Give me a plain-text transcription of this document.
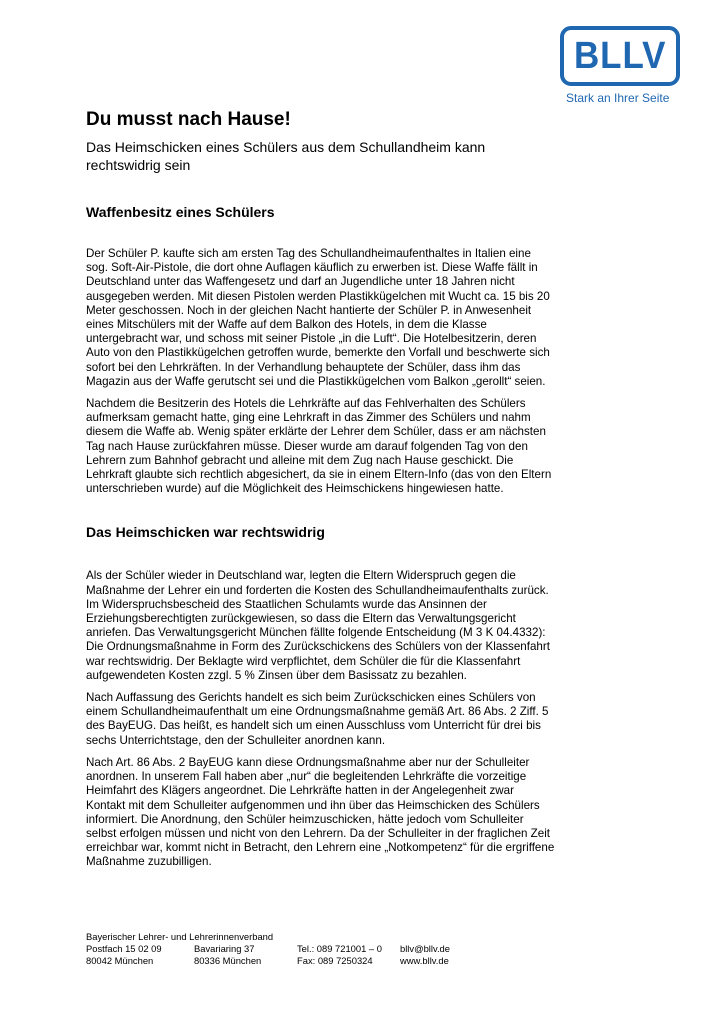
BLLV
Stark an Ihrer Seite
Du musst nach Hause!

Das Heimschicken eines Schülers aus dem Schullandheim kann rechtswidrig sein

Waffenbesitz eines Schülers

Der Schüler P. kaufte sich am ersten Tag des Schullandheimaufenthaltes in Italien eine sog. Soft-Air-Pistole, die dort ohne Auflagen käuflich zu erwerben ist. Diese Waffe fällt in Deutschland unter das Waffengesetz und darf an Jugendliche unter 18 Jahren nicht ausgegeben werden. Mit diesen Pistolen werden Plastikkügelchen mit Wucht ca. 15 bis 20 Meter geschossen. Noch in der gleichen Nacht hantierte der Schüler P. in Anwesenheit eines Mitschülers mit der Waffe auf dem Balkon des Hotels, in dem die Klasse untergebracht war, und schoss mit seiner Pistole „in die Luft“. Die Hotelbesitzerin, deren Auto von den Plastikkügelchen getroffen wurde, bemerkte den Vorfall und beschwerte sich sofort bei den Lehrkräften. In der Verhandlung behauptete der Schüler, dass ihm das Magazin aus der Waffe gerutscht sei und die Plastikkügelchen vom Balkon „gerollt“ seien.

Nachdem die Besitzerin des Hotels die Lehrkräfte auf das Fehlverhalten des Schülers aufmerksam gemacht hatte, ging eine Lehrkraft in das Zimmer des Schülers und nahm diesem die Waffe ab. Wenig später erklärte der Lehrer dem Schüler, dass er am nächsten Tag nach Hause zurückfahren müsse. Dieser wurde am darauf folgenden Tag von den Lehrern zum Bahnhof gebracht und alleine mit dem Zug nach Hause geschickt. Die Lehrkraft glaubte sich rechtlich abgesichert, da sie in einem Eltern-Info (das von den Eltern unterschrieben wurde) auf die Möglichkeit des Heimschickens hingewiesen hatte.

Das Heimschicken war rechtswidrig

Als der Schüler wieder in Deutschland war, legten die Eltern Widerspruch gegen die Maßnahme der Lehrer ein und forderten die Kosten des Schullandheimaufenthalts zurück. Im Widerspruchsbescheid des Staatlichen Schulamts wurde das Ansinnen der Erziehungsberechtigten zurückgewiesen, so dass die Eltern das Verwaltungsgericht anriefen. Das Verwaltungsgericht München fällte folgende Entscheidung (M 3 K 04.4332): Die Ordnungsmaßnahme in Form des Zurückschickens des Schülers von der Klassenfahrt war rechtswidrig. Der Beklagte wird verpflichtet, dem Schüler die für die Klassenfahrt aufgewendeten Kosten zzgl. 5 % Zinsen über dem Basissatz zu bezahlen.

Nach Auffassung des Gerichts handelt es sich beim Zurückschicken eines Schülers von einem Schullandheimaufenthalt um eine Ordnungsmaßnahme gemäß Art. 86 Abs. 2 Ziff. 5 des BayEUG. Das heißt, es handelt sich um einen Ausschluss vom Unterricht für drei bis sechs Unterrichtstage, den der Schulleiter anordnen kann.

Nach Art. 86 Abs. 2 BayEUG kann diese Ordnungsmaßnahme aber nur der Schulleiter anordnen. In unserem Fall haben aber „nur“ die begleitenden Lehrkräfte die vorzeitige Heimfahrt des Klägers angeordnet. Die Lehrkräfte hatten in der Angelegenheit zwar Kontakt mit dem Schulleiter aufgenommen und ihn über das Heimschicken des Schülers informiert. Die Anordnung, den Schüler heimzuschicken, hätte jedoch vom Schulleiter selbst erfolgen müssen und nicht von den Lehrern. Da der Schulleiter in der fraglichen Zeit erreichbar war, kommt nicht in Betracht, den Lehrern eine „Notkompetenz“ für die ergriffene Maßnahme zuzubilligen.

Bayerischer Lehrer- und Lehrerinnenverband
Postfach 15 02 09	Bavariaring 37	Tel.: 089 721001 – 0	bllv@bllv.de
80042 München	80336 München	Fax: 089 7250324	www.bllv.de
